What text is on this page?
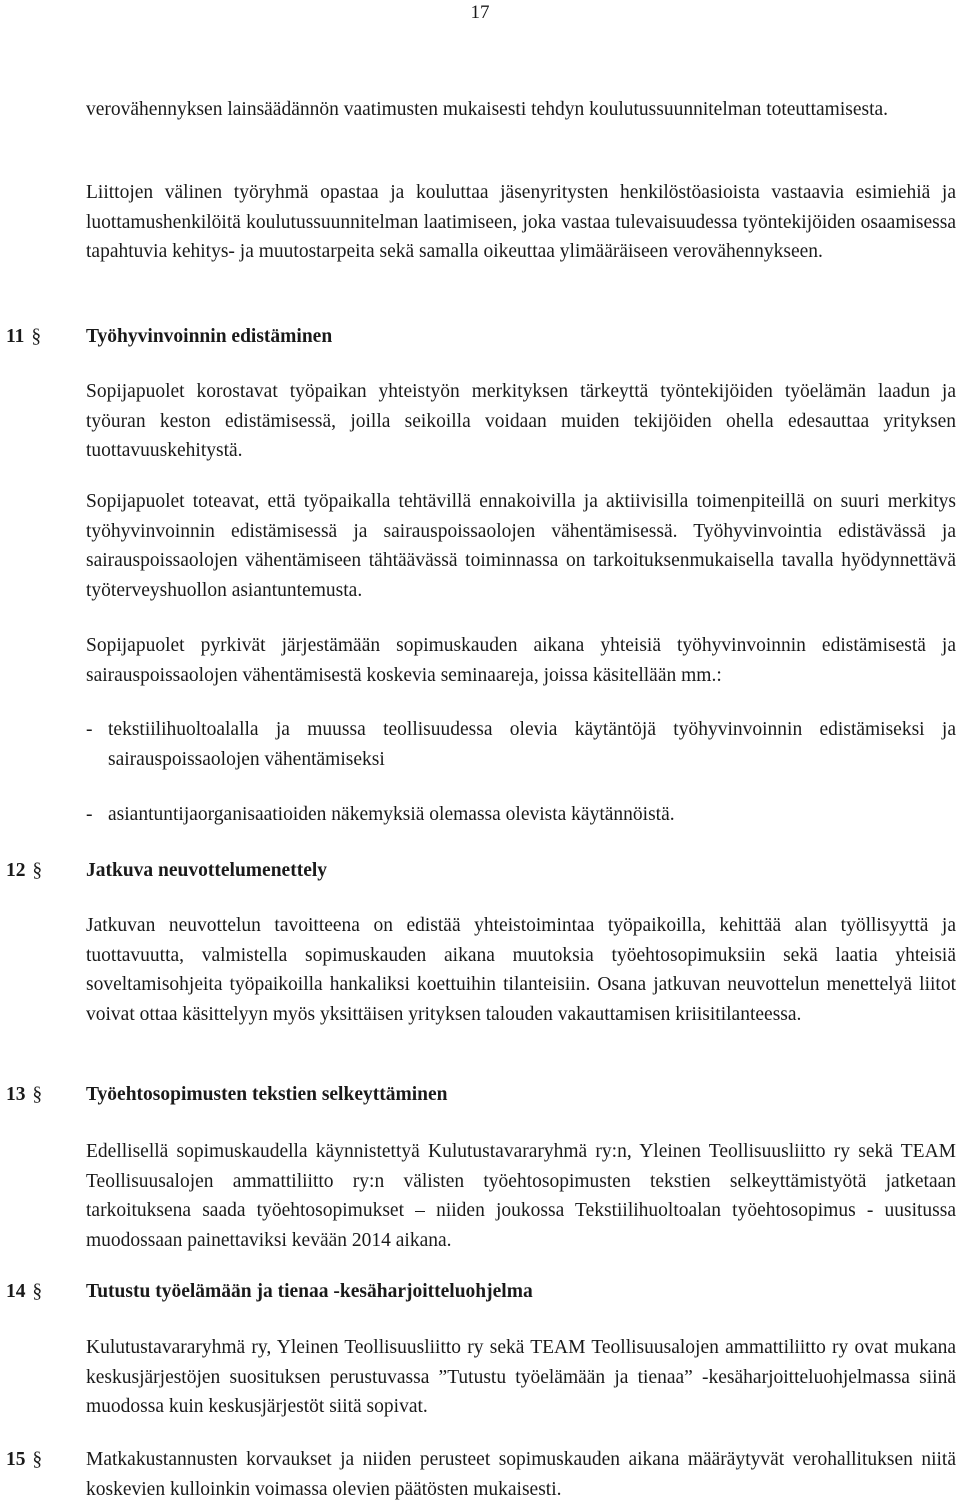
17

verovähennyksen lainsäädännön vaatimusten mukaisesti tehdyn koulutussuunnitelman toteuttamisesta.

Liittojen välinen työryhmä opastaa ja kouluttaa jäsenyritysten henkilöstöasioista vastaavia esimiehiä ja luottamushenkilöitä koulutussuunnitelman laatimiseen, joka vastaa tulevaisuudessa työntekijöiden osaamisessa tapahtuvia kehitys- ja muutostarpeita sekä samalla oikeuttaa ylimääräiseen verovähennykseen.

11 § Työhyvinvoinnin edistäminen

Sopijapuolet korostavat työpaikan yhteistyön merkityksen tärkeyttä työntekijöiden työelämän laadun ja työuran keston edistämisessä, joilla seikoilla voidaan muiden tekijöiden ohella edesauttaa yrityksen tuottavuuskehitystä.

Sopijapuolet toteavat, että työpaikalla tehtävillä ennakoivilla ja aktiivisilla toimenpiteillä on suuri merkitys työhyvinvoinnin edistämisessä ja sairauspoissaolojen vähentämisessä. Työhyvinvointia edistävässä ja sairauspoissaolojen vähentämiseen tähtäävässä toiminnassa on tarkoituksenmukaisella tavalla hyödynnettävä työterveyshuollon asiantuntemusta.

Sopijapuolet pyrkivät järjestämään sopimuskauden aikana yhteisiä työhyvinvoinnin edistämisestä ja sairauspoissaolojen vähentämisestä koskevia seminaareja, joissa käsitellään mm.:

- tekstiilihuoltoalalla ja muussa teollisuudessa olevia käytäntöjä työhyvinvoinnin edistämiseksi ja sairauspoissaolojen vähentämiseksi
- asiantuntijaorganisaatioiden näkemyksiä olemassa olevista käytännöistä.
12 § Jatkuva neuvottelumenettely

Jatkuvan neuvottelun tavoitteena on edistää yhteistoimintaa työpaikoilla, kehittää alan työllisyyttä ja tuottavuutta, valmistella sopimuskauden aikana muutoksia työehtosopimuksiin sekä laatia yhteisiä soveltamisohjeita työpaikoilla hankaliksi koettuihin tilanteisiin. Osana jatkuvan neuvottelun menettelyä liitot voivat ottaa käsittelyyn myös yksittäisen yrityksen talouden vakauttamisen kriisitilanteessa.

13 § Työehtosopimusten tekstien selkeyttäminen

Edellisellä sopimuskaudella käynnistettyä Kulutustavararyhmä ry:n, Yleinen Teollisuusliitto ry sekä TEAM Teollisuusalojen ammattiliitto ry:n välisten työehtosopimusten tekstien selkeyttämistyötä jatketaan tarkoituksena saada työehtosopimukset – niiden joukossa Tekstiilihuoltoalan työehtosopimus - uusitussa muodossaan painettaviksi kevään 2014 aikana.

14 § Tutustu työelämään ja tienaa -kesäharjoitteluohjelma

Kulutustavararyhmä ry, Yleinen Teollisuusliitto ry sekä TEAM Teollisuusalojen ammattiliitto ry ovat mukana keskusjärjestöjen suosituksen perustuvassa ”Tutustu työelämään ja tienaa” -kesäharjoitteluohjelmassa siinä muodossa kuin keskusjärjestöt siitä sopivat.

15 § Matkakustannusten korvaukset ja niiden perusteet sopimuskauden aikana määräytyvät verohallituksen niitä koskevien kulloinkin voimassa olevien päätösten mukaisesti.
